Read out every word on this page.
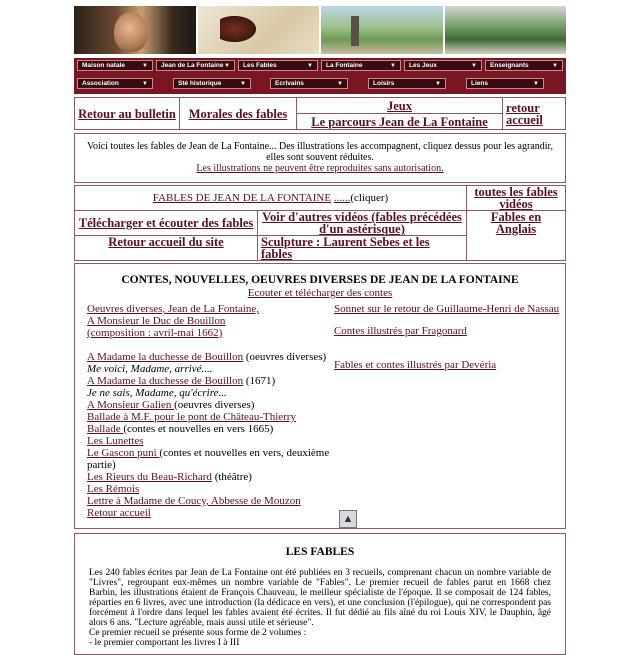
Maison natale	▼ Jean de La Fontaine ▼ Les Fables	▼ La Fontaine	▼ Les Jeux	▼ Enseignants	▼
Association	▼	Sté historique	▼	Ecrivains	▼	Loisirs	▼	Liens	▼
Retour au bulletin	Morales des fables	Jeux	retour accueil
Le parcours Jean de La Fontaine
Voici toutes les fables de Jean de La Fontaine... Des illustrations les accompagnent, cliquez dessus pour les agrandir, elles sont souvent réduites.
Les illustrations ne peuvent être reproduites sans autorisation.
FABLES DE JEAN DE LA FONTAINE ......(cliquer)		toutes les fables vidéos
Télécharger et écouter des fables	Voir d'autres vidéos (fables précédées d'un astérisque)	Fables en Anglais
Retour accueil du site	Sculpture : Laurent Sebes et les fables	
CONTES, NOUVELLES, OEUVRES DIVERSES DE JEAN DE LA FONTAINE
Ecouter et télécharger des contes
Oeuvres diverses, Jean de La Fontaine,
A Monsieur le Duc de Bouillon
(composition : avril-mai 1662)
A Madame la duchesse de Bouillon (oeuvres diverses)
Me voici, Madame, arrivé....
A Madame la duchesse de Bouillon (1671)
Je ne sais, Madame, qu'écrire...
A Monsieur Galien (oeuvres diverses)
Ballade à M.F. pour le pont de Château-Thierry
Ballade (contes et nouvelles en vers 1665)
Les Lunettes
Le Gascon puni (contes et nouvelles en vers, deuxième partie)
Les Rieurs du Beau-Richard (théâtre)
Les Rémois
Lettre à Madame de Coucy, Abbesse de Mouzon
Retour accueil
Sonnet sur le retour de Guillaume-Henri de Nassau
Contes illustrés par Fragonard
Fables et contes illustrés par Devéria
▲
LES FABLES
Les 240 fables écrites par Jean de La Fontaine ont été publiées en 3 recueils, comprenant chacun un nombre variable de "Livres", regroupant eux-mêmes un nombre variable de "Fables". Le premier recueil de fables parut en 1668 chez Barbin, les illustrations étaient de François Chauveau, le meilleur spécialiste de l'époque. Il se composait de 124 fables, réparties en 6 livres, avec une introduction (la dédicace en vers), et une conclusion (l'épilogue), qui ne correspondent pas forcément à l'ordre dans lequel les fables avaient été écrites. Il fut dédié au fils aîné du roi Louis XIV, le Dauphin, âgé alors 6 ans. "Lecture agréable, mais aussi utile et sérieuse".
Ce premier recueil se présente sous forme de 2 volumes :
- le premier comportant les livres I à III
